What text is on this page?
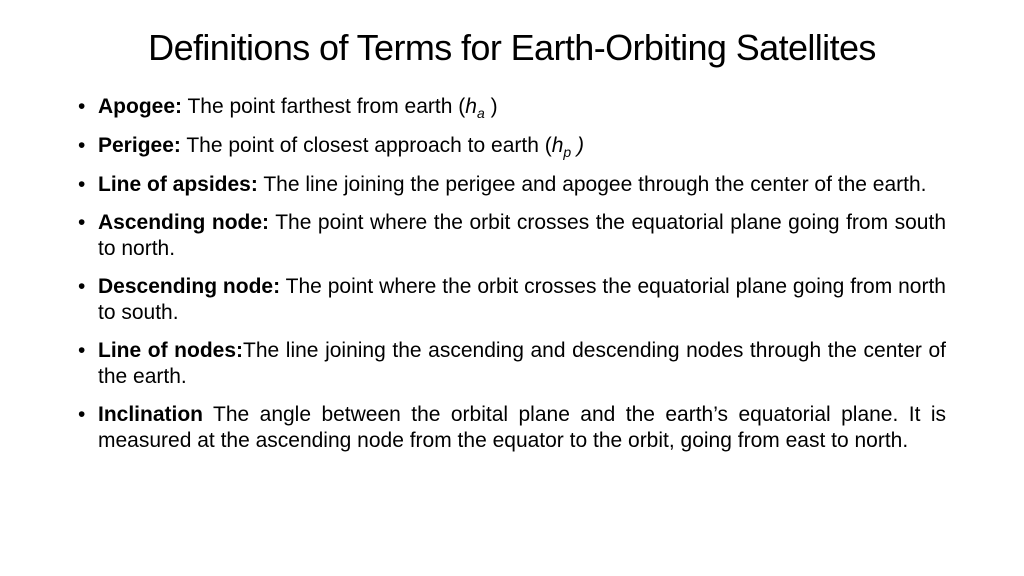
Definitions of Terms for Earth-Orbiting Satellites
• Apogee: The point farthest from earth ($h_a$ )
• Perigee: The point of closest approach to earth ($h_p$ )
• Line of apsides: The line joining the perigee and apogee through the center of the earth.
• Ascending node: The point where the orbit crosses the equatorial plane going from south to north.
• Descending node: The point where the orbit crosses the equatorial plane going from north to south.
• Line of nodes:The line joining the ascending and descending nodes through the center of the earth.
• Inclination The angle between the orbital plane and the earth’s equatorial plane. It is measured at the ascending node from the equator to the orbit, going from east to north.
